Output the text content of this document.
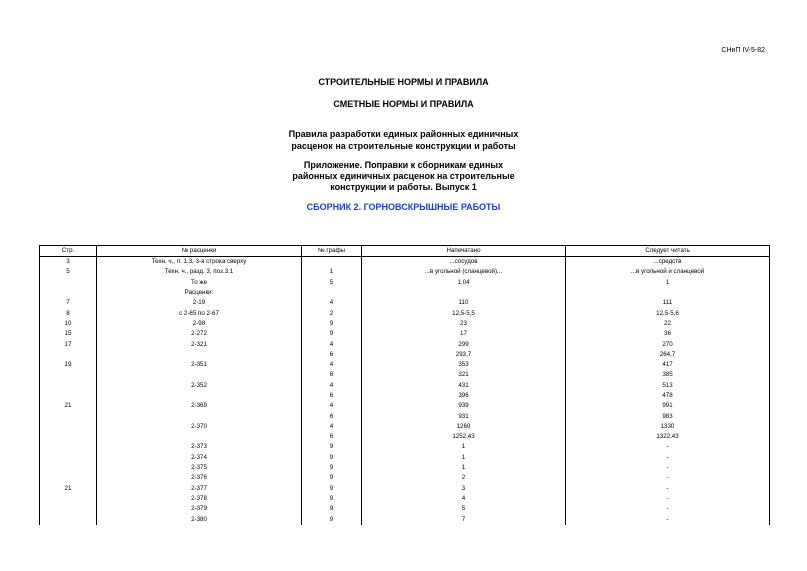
СНиП IV-5-82
СТРОИТЕЛЬНЫЕ НОРМЫ И ПРАВИЛА
СМЕТНЫЕ НОРМЫ И ПРАВИЛА
Правила разработки единых районных единичных
расценок на строительные конструкции и работы
Приложение. Поправки к сборникам единых
районных единичных расценок на строительные
конструкции и работы. Выпуск 1
СБОРНИК 2. ГОРНОВСКРЫШНЫЕ РАБОТЫ
Стр.	№ расценки	№ графы	Напечатано	Следует читать
3	Техн. ч., п. 1.3, 3-я строка сверху		...сосудов	...средств
5	Техн. ч., разд. 3, поз.3.1	1	...в угольной (сланцевой)...	...в угольной и сланцевой
	То же	5	1,04	1
	Расценки:			
7	2-19	4	110	111
8	с 2-65 по 2-67	2	12,5-5,5	12,5-5,6
10	2-98	9	23	22
15	2-272	9	17	36
17	2-321	4	299	270
		6	293,7	264,7
19	2-351	4	353	417
		6	321	385
	2-352	4	431	513
		6	396	478
21	2-369	4	939	991
		6	931	983
	2-370	4	1260	1330
		6	1252,43	1322,43
	2-373	9	1	-
	2-374	9	1	-
	2-375	9	1	-
	2-376	9	2	-
21	2-377	9	3	-
	2-378	9	4	-
	2-379	9	5	-
	2-380	9	7	-
